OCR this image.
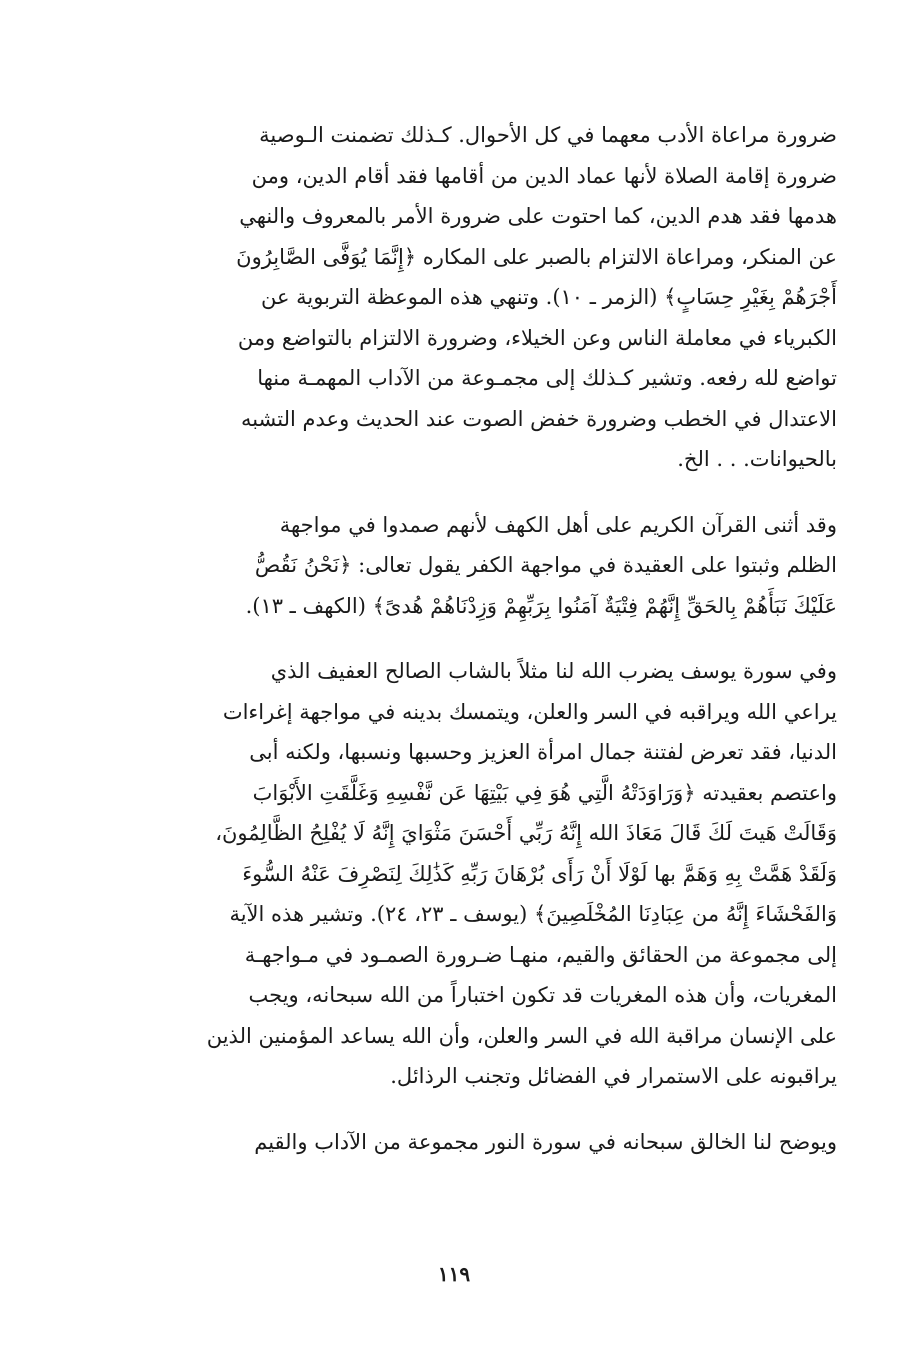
ضرورة مراعاة الأدب معهما في كل الأحوال. كـذلك تضمنت الـوصية
ضرورة إقامة الصلاة لأنها عماد الدين من أقامها فقد أقام الدين، ومن
هدمها فقد هدم الدين، كما احتوت على ضرورة الأمر بالمعروف والنهي
عن المنكر، ومراعاة الالتزام بالصبر على المكاره ﴿إِنَّمَا يُوَفَّى الصَّابِرُونَ
أَجْرَهُمْ بِغَيْرِ حِسَابٍ﴾ (الزمر ـ ١٠). وتنهي هذه الموعظة التربوية عن
الكبرياء في معاملة الناس وعن الخيلاء، وضرورة الالتزام بالتواضع ومن
تواضع لله رفعه. وتشير كـذلك إلى مجمـوعة من الآداب المهمـة منها
الاعتدال في الخطب وضرورة خفض الصوت عند الحديث وعدم التشبه
بالحيوانات. . . الخ.
وقد أثنى القرآن الكريم على أهل الكهف لأنهم صمدوا في مواجهة
الظلم وثبتوا على العقيدة في مواجهة الكفر يقول تعالى: ﴿نَحْنُ نَقُصُّ
عَلَيْكَ نَبَأَهُمْ بِالحَقِّ إِنَّهُمْ فِتْيَةٌ آمَنُوا بِرَبِّهِمْ وَزِدْنَاهُمْ هُدىً﴾ (الكهف ـ ١٣).
وفي سورة يوسف يضرب الله لنا مثلاً بالشاب الصالح العفيف الذي
يراعي الله ويراقبه في السر والعلن، ويتمسك بدينه في مواجهة إغراءات
الدنيا، فقد تعرض لفتنة جمال امرأة العزيز وحسبها ونسبها، ولكنه أبى
واعتصم بعقيدته ﴿وَرَاوَدَتْهُ الَّتِي هُوَ فِي بَيْتِهَا عَن نَّفْسِهِ وَغَلَّقَتِ الأَبْوَابَ
وَقَالَتْ هَيتَ لَكَ قَالَ مَعَاذَ الله إِنَّهُ رَبِّي أَحْسَنَ مَثْوَايَ إِنَّهُ لَا يُفْلِحُ الظَّالِمُونَ،
وَلَقَدْ هَمَّتْ بِهِ وَهَمَّ بها لَوْلَا أَنْ رَأَى بُرْهَانَ رَبِّهِ كَذَٰلِكَ لِنَصْرِفَ عَنْهُ السُّوءَ
وَالفَحْشَاءَ إِنَّهُ من عِبَادِنَا المُخْلَصِينَ﴾ (يوسف ـ ٢٣، ٢٤). وتشير هذه الآية
إلى مجموعة من الحقائق والقيم، منهـا ضـرورة الصمـود في مـواجهـة
المغريات، وأن هذه المغريات قد تكون اختباراً من الله سبحانه، ويجب
على الإنسان مراقبة الله في السر والعلن، وأن الله يساعد المؤمنين الذين
يراقبونه على الاستمرار في الفضائل وتجنب الرذائل.
ويوضح لنا الخالق سبحانه في سورة النور مجموعة من الآداب والقيم
١١٩
